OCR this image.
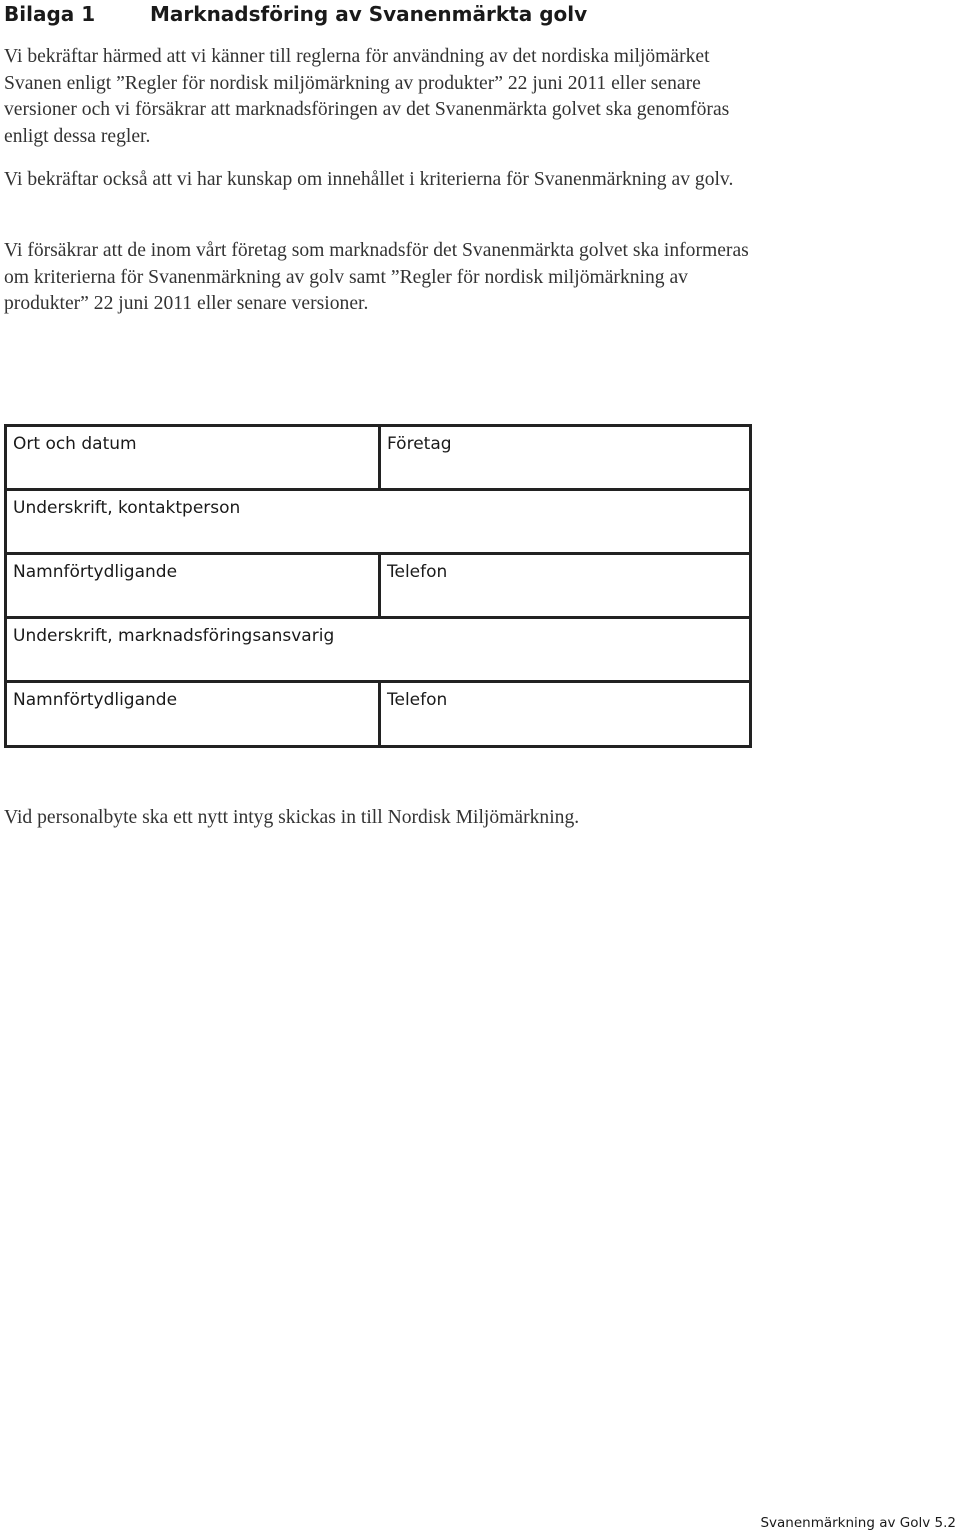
Bilaga 1	Marknadsföring av Svanenmärkta golv

Vi bekräftar härmed att vi känner till reglerna för användning av det nordiska miljömärket Svanen enligt ”Regler för nordisk miljömärkning av produkter” 22 juni 2011 eller senare versioner och vi försäkrar att marknadsföringen av det Svanenmärkta golvet ska genomföras enligt dessa regler.

Vi bekräftar också att vi har kunskap om innehållet i kriterierna för Svanenmärkning av golv.

Vi försäkrar att de inom vårt företag som marknadsför det Svanenmärkta golvet ska informeras om kriterierna för Svanenmärkning av golv samt ”Regler för nordisk miljömärkning av produkter” 22 juni 2011 eller senare versioner.

Ort och datum	Företag
Underskrift, kontaktperson
Namnförtydligande	Telefon
Underskrift, marknadsföringsansvarig
Namnförtydligande	Telefon

Vid personalbyte ska ett nytt intyg skickas in till Nordisk Miljömärkning.

Svanenmärkning av Golv 5.2
